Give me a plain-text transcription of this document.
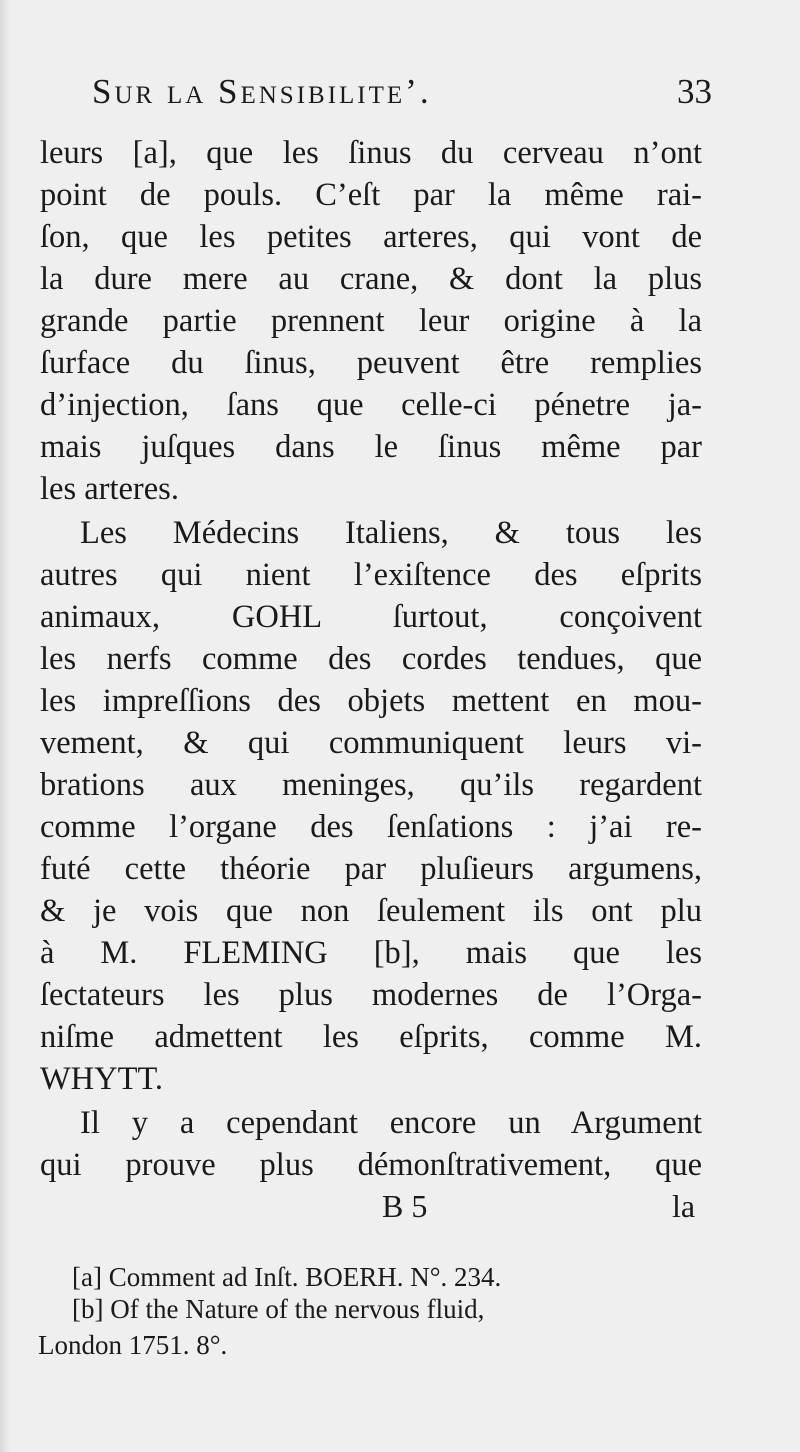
Sur la Sensibilite’.	33
leurs [a], que les ſinus du cerveau n’ont
point de pouls. C’eſt par la même rai-
ſon, que les petites arteres, qui vont de
la dure mere au crane, & dont la plus
grande partie prennent leur origine à la
ſurface du ſinus, peuvent être remplies
d’injection, ſans que celle-ci pénetre ja-
mais juſques dans le ſinus même par
les arteres.
Les Médecins Italiens, & tous les
autres qui nient l’exiſtence des eſprits
animaux, GOHL ſurtout, conçoivent
les nerfs comme des cordes tendues, que
les impreſſions des objets mettent en mou-
vement, & qui communiquent leurs vi-
brations aux meninges, qu’ils regardent
comme l’organe des ſenſations : j’ai re-
futé cette théorie par pluſieurs argumens,
& je vois que non ſeulement ils ont plu
à M. FLEMING [b], mais que les
ſectateurs les plus modernes de l’Orga-
niſme admettent les eſprits, comme M.
WHYTT.
Il y a cependant encore un Argument
qui prouve plus démonſtrativement, que
B 5	la
[a] Comment ad Inſt. BOERH. N°. 234.
[b] Of the Nature of the nervous fluid,
London 1751. 8°.
